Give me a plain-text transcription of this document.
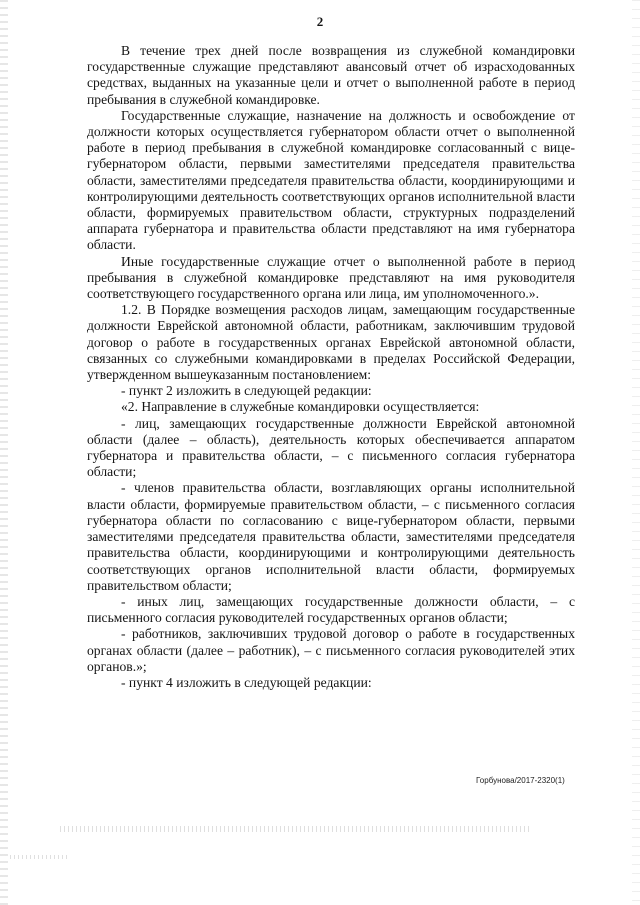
2

В течение трех дней после возвращения из служебной командировки государственные служащие представляют авансовый отчет об израсходованных средствах, выданных на указанные цели и отчет о выполненной работе в период пребывания в служебной командировке.

Государственные служащие, назначение на должность и освобождение от должности которых осуществляется губернатором области отчет о выполненной работе в период пребывания в служебной командировке согласованный с вице-губернатором области, первыми заместителями председателя правительства области, заместителями председателя правительства области, координирующими и контролирующими деятельность соответствующих органов исполнительной власти области, формируемых правительством области, структурных подразделений аппарата губернатора и правительства области представляют на имя губернатора области.

Иные государственные служащие отчет о выполненной работе в период пребывания в служебной командировке представляют на имя руководителя соответствующего государственного органа или лица, им уполномоченного.».

1.2. В Порядке возмещения расходов лицам, замещающим государственные должности Еврейской автономной области, работникам, заключившим трудовой договор о работе в государственных органах Еврейской автономной области, связанных со служебными командировками в пределах Российской Федерации, утвержденном вышеуказанным постановлением:

- пункт 2 изложить в следующей редакции:

«2. Направление в служебные командировки осуществляется:

- лиц, замещающих государственные должности Еврейской автономной области (далее – область), деятельность которых обеспечивается аппаратом губернатора и правительства области, – с письменного согласия губернатора области;

- членов правительства области, возглавляющих органы исполнительной власти области, формируемые правительством области, – с письменного согласия губернатора области по согласованию с вице-губернатором области, первыми заместителями председателя правительства области, заместителями председателя правительства области, координирующими и контролирующими деятельность соответствующих органов исполнительной власти области, формируемых правительством области;

- иных лиц, замещающих государственные должности области, – с письменного согласия руководителей государственных органов области;

- работников, заключивших трудовой договор о работе в государственных органах области (далее – работник), – с письменного согласия руководителей этих органов.»;

- пункт 4 изложить в следующей редакции:

Горбунова/2017-2320(1)
